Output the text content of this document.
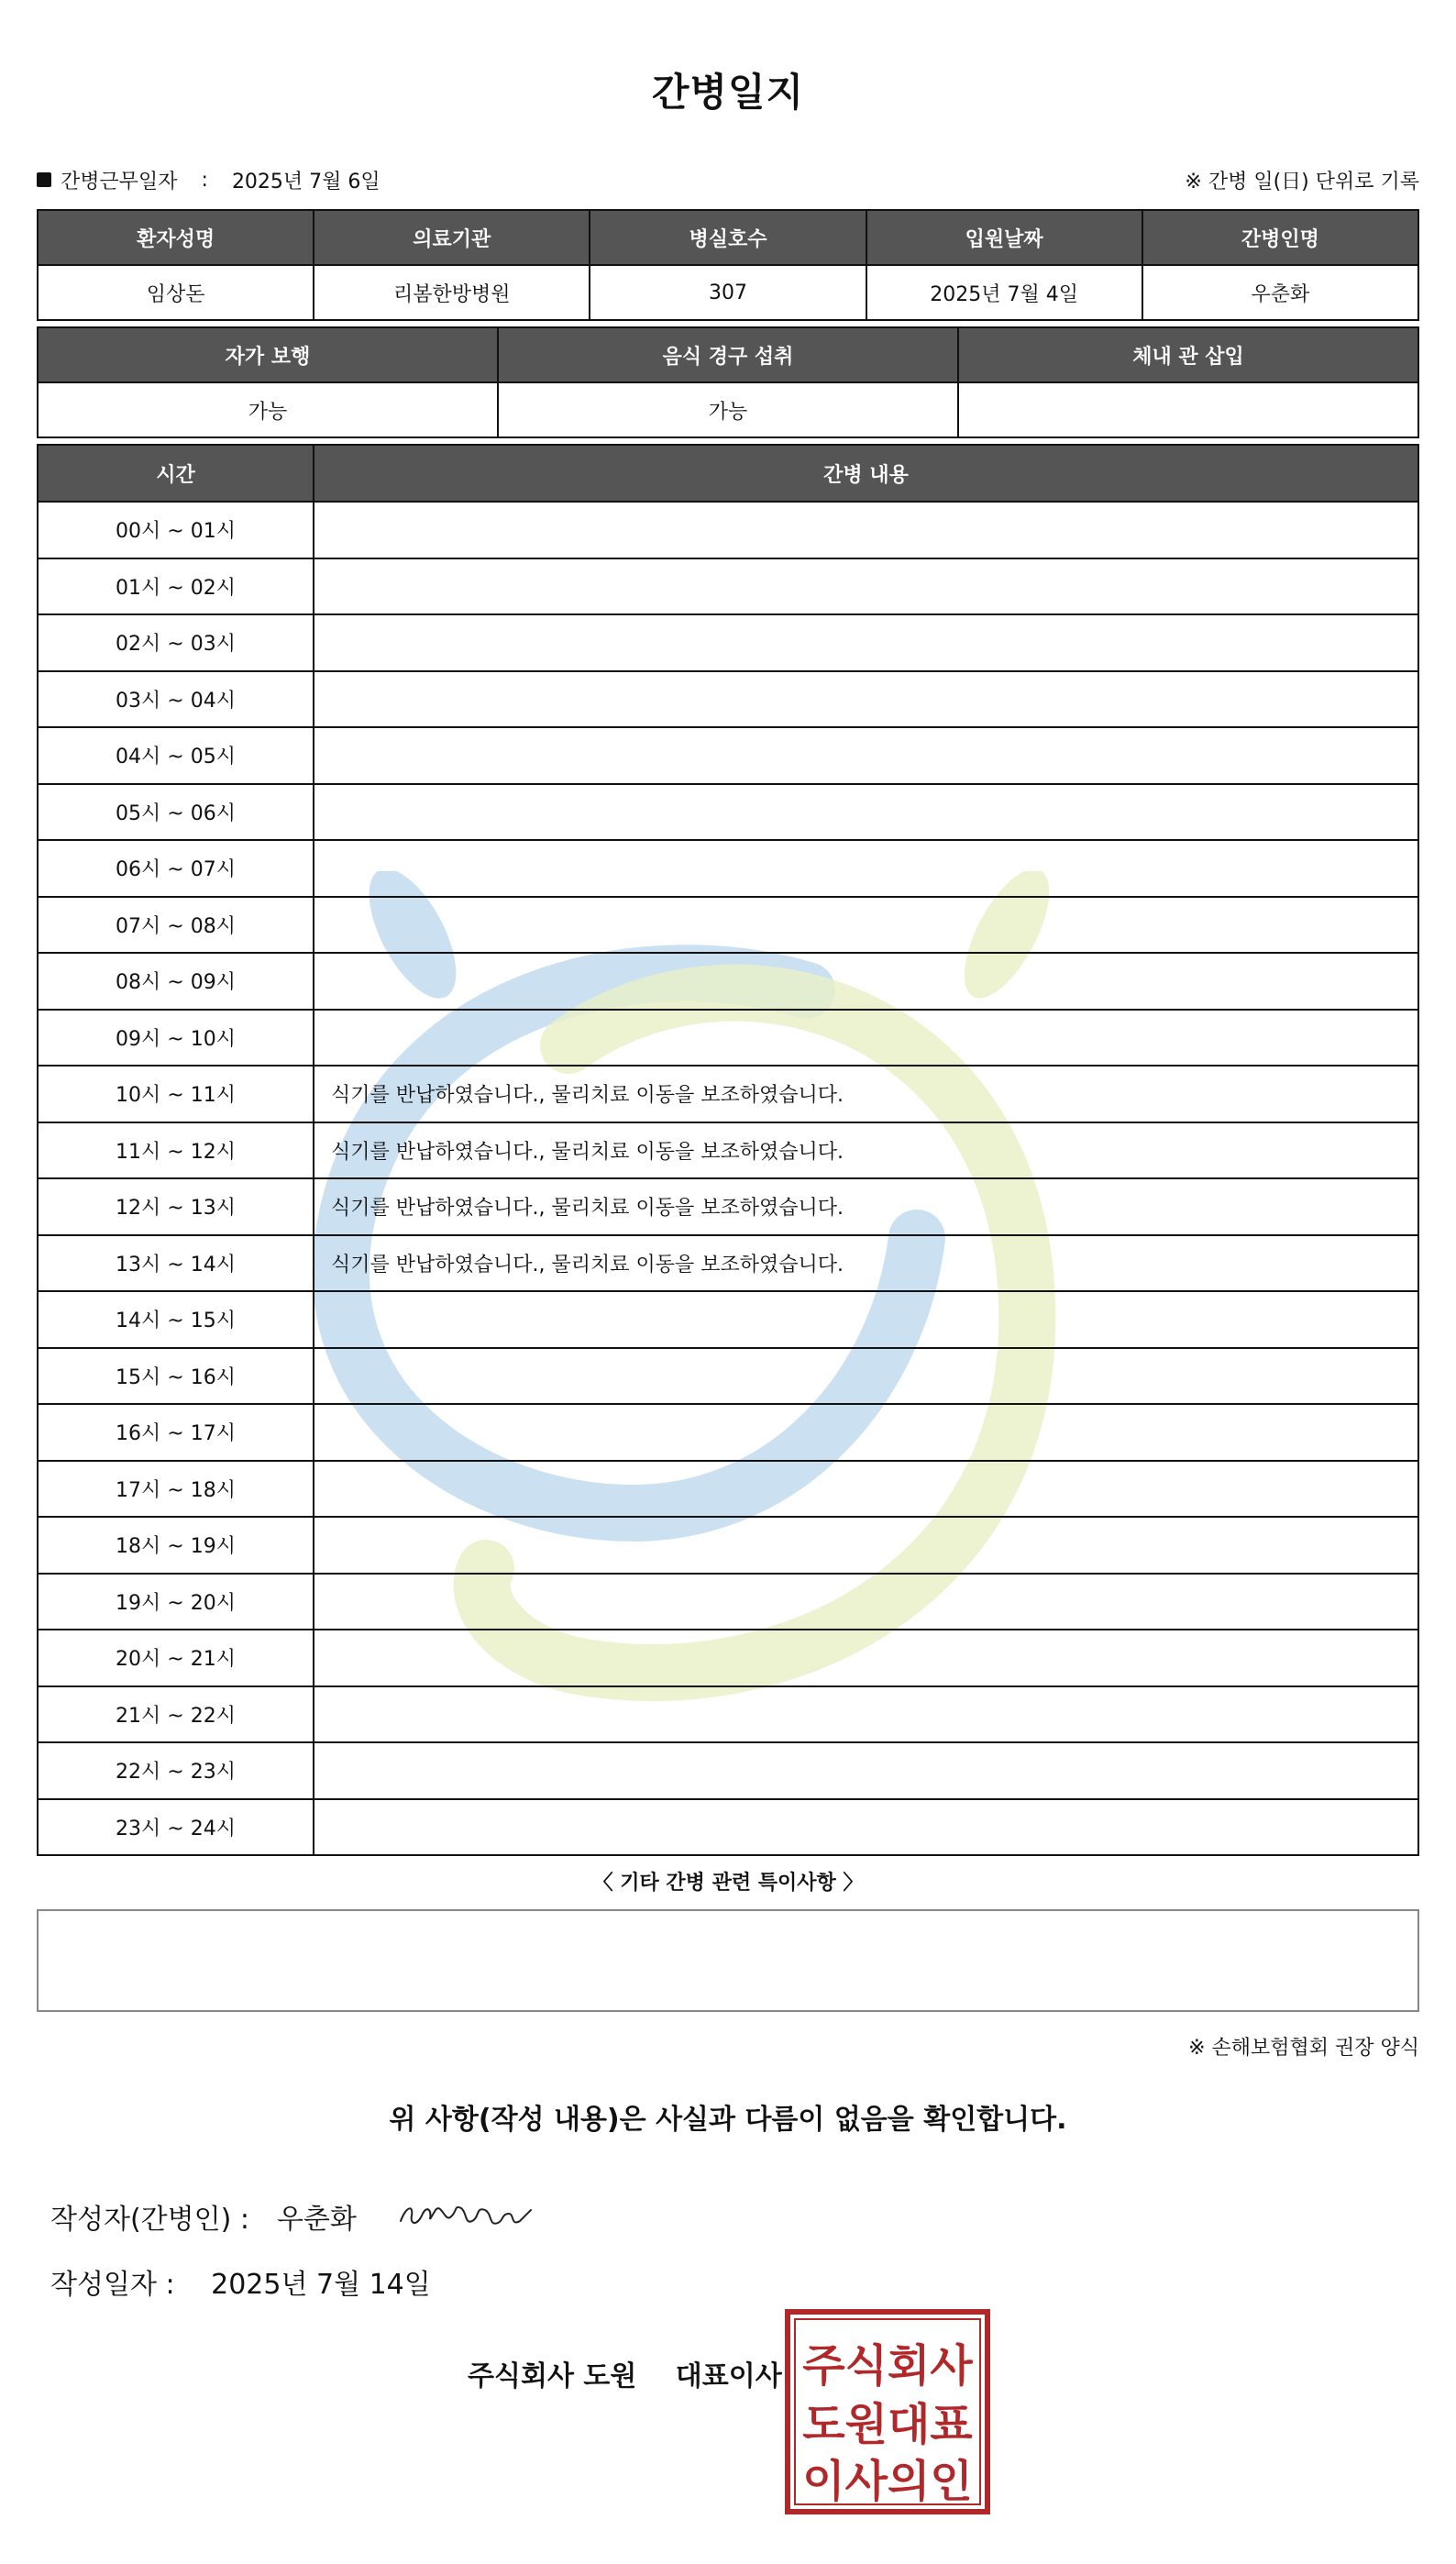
간병일지
간병근무일자 : 2025년 7월 6일	※ 간병 일(日) 단위로 기록
환자성명	의료기관	병실호수	입원날짜	간병인명
임상돈	리봄한방병원	307	2025년 7월 4일	우춘화
자가 보행	음식 경구 섭취	체내 관 삽입
가능	가능	
시간	간병 내용
00시 ~ 01시	
01시 ~ 02시	
02시 ~ 03시	
03시 ~ 04시	
04시 ~ 05시	
05시 ~ 06시	
06시 ~ 07시	
07시 ~ 08시	
08시 ~ 09시	
09시 ~ 10시	
10시 ~ 11시	식기를 반납하였습니다., 물리치료 이동을 보조하였습니다.
11시 ~ 12시	식기를 반납하였습니다., 물리치료 이동을 보조하였습니다.
12시 ~ 13시	식기를 반납하였습니다., 물리치료 이동을 보조하였습니다.
13시 ~ 14시	식기를 반납하였습니다., 물리치료 이동을 보조하였습니다.
14시 ~ 15시	
15시 ~ 16시	
16시 ~ 17시	
17시 ~ 18시	
18시 ~ 19시	
19시 ~ 20시	
20시 ~ 21시	
21시 ~ 22시	
22시 ~ 23시	
23시 ~ 24시	
〈 기타 간병 관련 특이사항 〉
※ 손해보험협회 권장 양식
위 사항(작성 내용)은 사실과 다름이 없음을 확인합니다.
작성자(간병인) : 우춘화
작성일자 : 2025년 7월 14일
주식회사 도원 대표이사 주식회사
도원대표
이사의인
